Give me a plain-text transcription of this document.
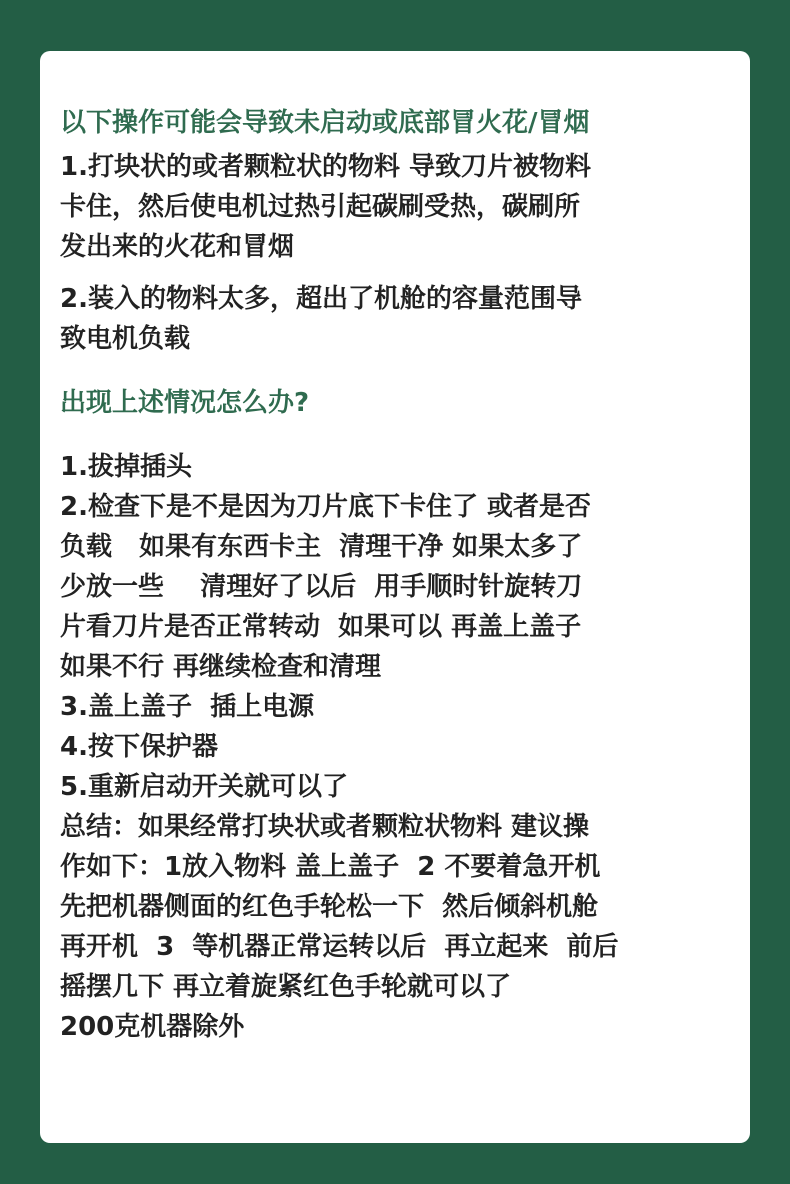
以下操作可能会导致未启动或底部冒火花/冒烟
1.打块状的或者颗粒状的物料 导致刀片被物料
卡住，然后使电机过热引起碳刷受热，碳刷所
发出来的火花和冒烟
2.装入的物料太多，超出了机舱的容量范围导
致电机负载
出现上述情况怎么办?
1.拔掉插头
2.检查下是不是因为刀片底下卡住了 或者是否
负载   如果有东西卡主  清理干净 如果太多了
少放一些    清理好了以后  用手顺时针旋转刀
片看刀片是否正常转动  如果可以 再盖上盖子
如果不行 再继续检查和清理
3.盖上盖子  插上电源
4.按下保护器
5.重新启动开关就可以了
总结：如果经常打块状或者颗粒状物料 建议操
作如下：1放入物料 盖上盖子  2 不要着急开机
先把机器侧面的红色手轮松一下  然后倾斜机舱
再开机  3  等机器正常运转以后  再立起来  前后
摇摆几下 再立着旋紧红色手轮就可以了
200克机器除外
